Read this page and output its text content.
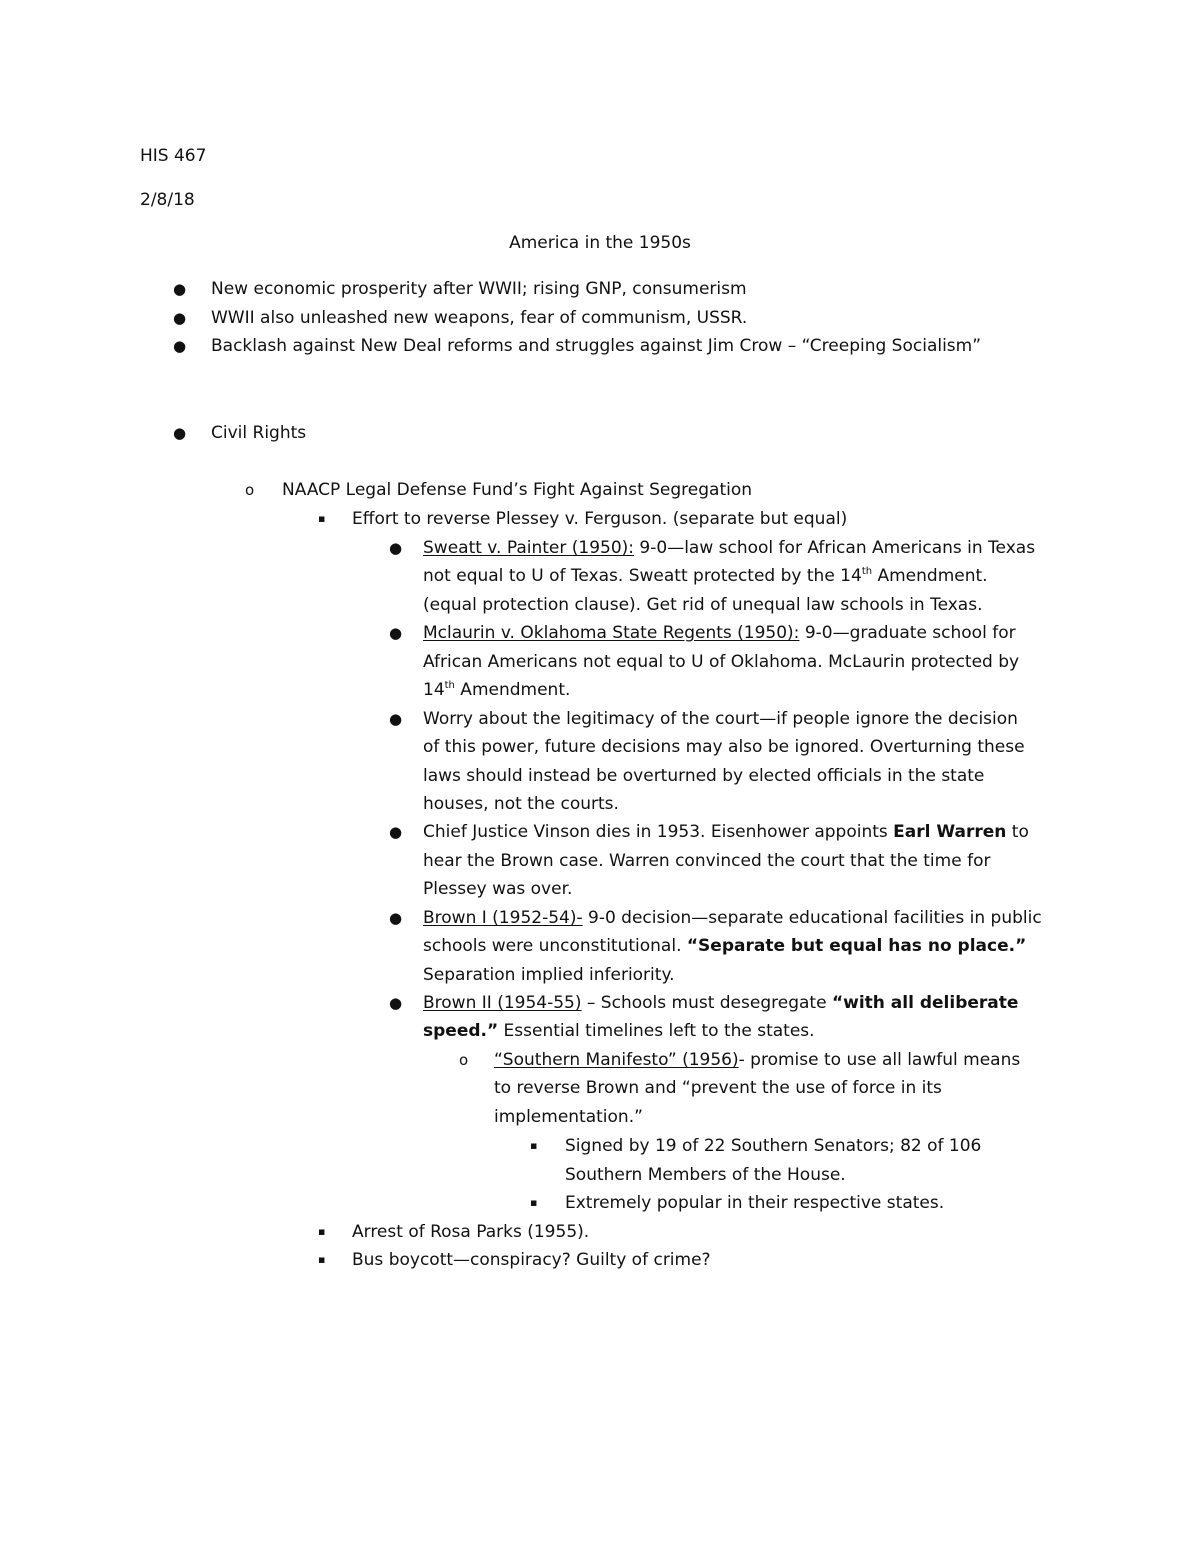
HIS 467
2/8/18
America in the 1950s
● New economic prosperity after WWII; rising GNP, consumerism
● WWII also unleashed new weapons, fear of communism, USSR.
● Backlash against New Deal reforms and struggles against Jim Crow – “Creeping Socialism”
● Civil Rights
o NAACP Legal Defense Fund’s Fight Against Segregation
▪ Effort to reverse Plessey v. Ferguson. (separate but equal)
● Sweatt v. Painter (1950): 9-0—law school for African Americans in Texas
not equal to U of Texas. Sweatt protected by the 14th Amendment.
(equal protection clause). Get rid of unequal law schools in Texas.
● Mclaurin v. Oklahoma State Regents (1950): 9-0—graduate school for
African Americans not equal to U of Oklahoma. McLaurin protected by
14th Amendment.
● Worry about the legitimacy of the court—if people ignore the decision
of this power, future decisions may also be ignored. Overturning these
laws should instead be overturned by elected officials in the state
houses, not the courts.
● Chief Justice Vinson dies in 1953. Eisenhower appoints Earl Warren to
hear the Brown case. Warren convinced the court that the time for
Plessey was over.
● Brown I (1952-54)- 9-0 decision—separate educational facilities in public
schools were unconstitutional. “Separate but equal has no place.”
Separation implied inferiority.
● Brown II (1954-55) – Schools must desegregate “with all deliberate
speed.” Essential timelines left to the states.
o “Southern Manifesto” (1956)- promise to use all lawful means
to reverse Brown and “prevent the use of force in its
implementation.”
▪ Signed by 19 of 22 Southern Senators; 82 of 106
Southern Members of the House.
▪ Extremely popular in their respective states.
▪ Arrest of Rosa Parks (1955).
▪ Bus boycott—conspiracy? Guilty of crime?
